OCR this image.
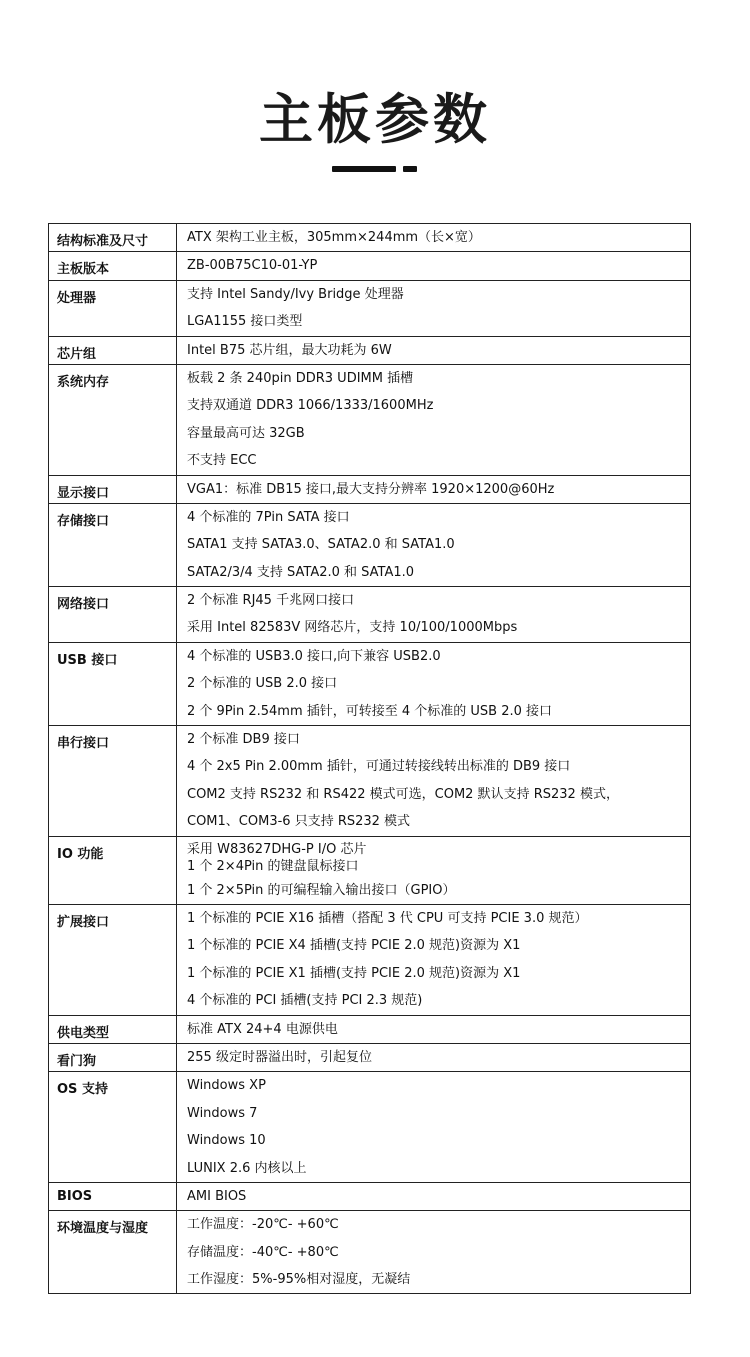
主板参数
结构标准及尺寸	ATX 架构工业主板，305mm×244mm（长×宽）

主板版本	ZB-00B75C10-01-YP

处理器	支持 Intel Sandy/Ivy Bridge 处理器
LGA1155 接口类型

芯片组	Intel B75 芯片组，最大功耗为 6W

系统内存	板载 2 条 240pin DDR3 UDIMM 插槽
支持双通道 DDR3 1066/1333/1600MHz
容量最高可达 32GB
不支持 ECC

显示接口	VGA1：标准 DB15 接口,最大支持分辨率 1920×1200@60Hz

存储接口	4 个标准的 7Pin SATA 接口
SATA1 支持 SATA3.0、SATA2.0 和 SATA1.0
SATA2/3/4 支持 SATA2.0 和 SATA1.0

网络接口	2 个标准 RJ45 千兆网口接口
采用 Intel 82583V 网络芯片，支持 10/100/1000Mbps

USB 接口	4 个标准的 USB3.0 接口,向下兼容 USB2.0
2 个标准的 USB 2.0 接口
2 个 9Pin 2.54mm 插针，可转接至 4 个标准的 USB 2.0 接口

串行接口	2 个标准 DB9 接口
4 个 2x5 Pin 2.00mm 插针，可通过转接线转出标准的 DB9 接口
COM2 支持 RS232 和 RS422 模式可选，COM2 默认支持 RS232 模式，
COM1、COM3-6 只支持 RS232 模式

IO 功能	采用 W83627DHG-P I/O 芯片
1 个 2×4Pin 的键盘鼠标接口
1 个 2×5Pin 的可编程输入输出接口（GPIO）

扩展接口	1 个标准的 PCIE X16 插槽（搭配 3 代 CPU 可支持 PCIE 3.0 规范）
1 个标准的 PCIE X4 插槽(支持 PCIE 2.0 规范)资源为 X1
1 个标准的 PCIE X1 插槽(支持 PCIE 2.0 规范)资源为 X1
4 个标准的 PCI 插槽(支持 PCI 2.3 规范)

供电类型	标准 ATX 24+4 电源供电

看门狗	255 级定时器溢出时，引起复位

OS 支持	Windows XP
Windows 7
Windows 10
LUNIX 2.6 内核以上

BIOS	AMI BIOS

环境温度与湿度	工作温度：-20℃- +60℃
存储温度：-40℃- +80℃
工作湿度：5%-95%相对湿度，无凝结
